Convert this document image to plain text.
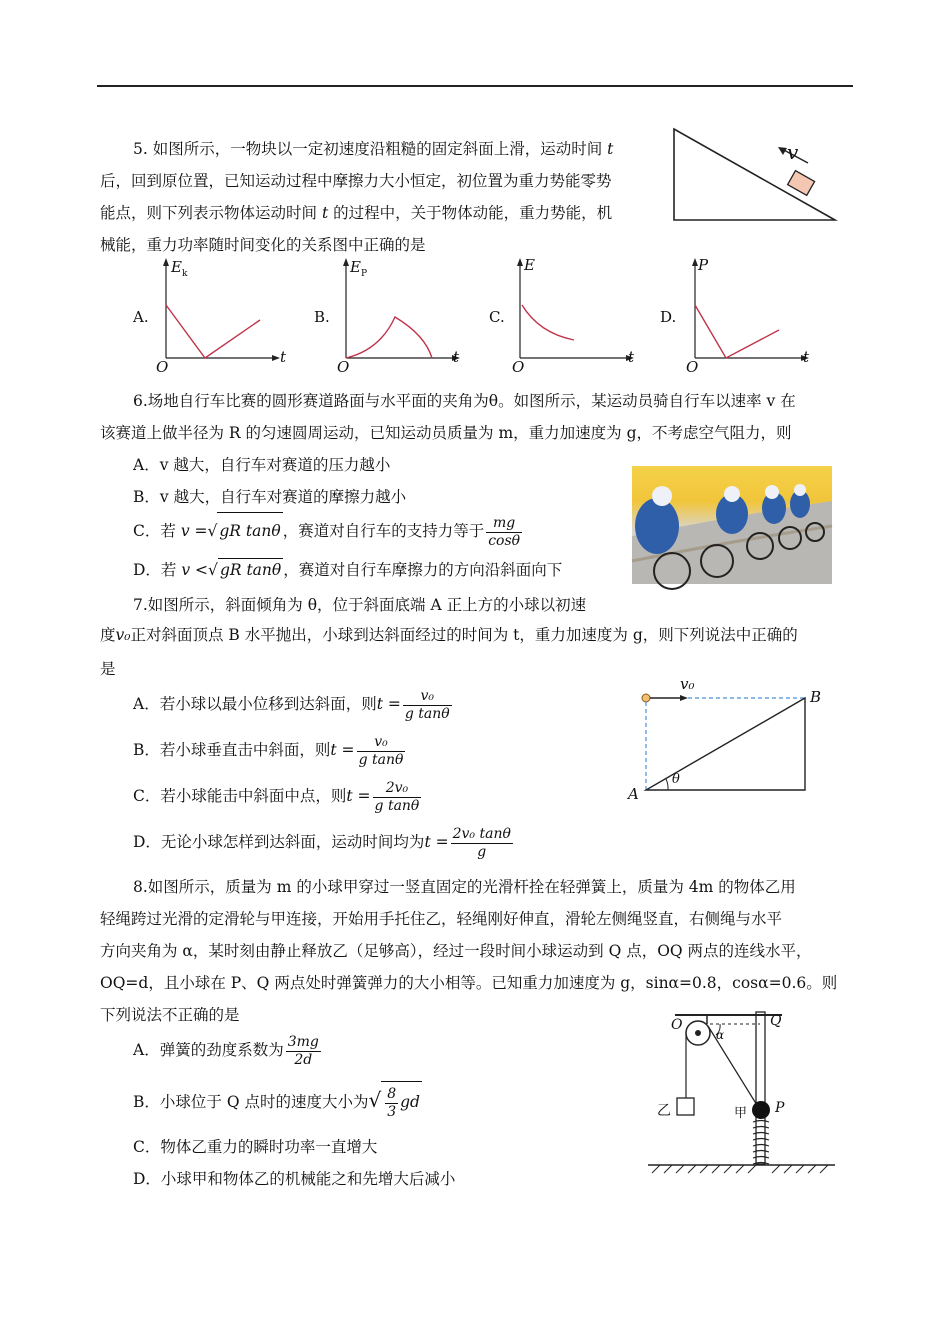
5. 如图所示，一物块以一定初速度沿粗糙的固定斜面上滑，运动时间 t
后，回到原位置，已知运动过程中摩擦力大小恒定，初位置为重力势能零势
能点，则下列表示物体运动时间 t 的过程中，关于物体动能，重力势能，机
械能，重力功率随时间变化的关系图中正确的是
v
A.
$E_k$
O
t
B.
$E_P$
O
t
C.
E
O
t
D.
P
O
t
6.场地自行车比赛的圆形赛道路面与水平面的夹角为θ。如图所示，某运动员骑自行车以速率 v 在
该赛道上做半径为 R 的匀速圆周运动，已知运动员质量为 m，重力加速度为 g，不考虑空气阻力，则
A．v 越大，自行车对赛道的压力越小
B．v 越大，自行车对赛道的摩擦力越小
C．若 v =√ gR tanθ ，赛道对自行车的支持力等于 $\frac{mg}{\cos\theta}$
D．若 v <√ gR tanθ ，赛道对自行车摩擦力的方向沿斜面向下
7.如图所示，斜面倾角为 θ，位于斜面底端 A 正上方的小球以初速
度v₀正对斜面顶点 B 水平抛出，小球到达斜面经过的时间为 t，重力加速度为 g，则下列说法中正确的
是
A．若小球以最小位移到达斜面，则$t = \frac{\text{v₀}}{\text{g tanθ}}$
B．若小球垂直击中斜面，则$t = \frac{\text{v₀}}{\text{g tanθ}}$
C．若小球能击中斜面中点，则$t = \frac{\text{2v₀}}{\text{g tanθ}}$
D．无论小球怎样到达斜面，运动时间均为$t = \frac{\text{2v₀ tanθ}}{g}$
v₀
B
A
θ
8.如图所示，质量为 m 的小球甲穿过一竖直固定的光滑杆拴在轻弹簧上，质量为 4m 的物体乙用
轻绳跨过光滑的定滑轮与甲连接，开始用手托住乙，轻绳刚好伸直，滑轮左侧绳竖直，右侧绳与水平
方向夹角为 α，某时刻由静止释放乙（足够高），经过一段时间小球运动到 Q 点，OQ 两点的连线水平，
OQ=d，且小球在 P、Q 两点处时弹簧弹力的大小相等。已知重力加速度为 g，sinα=0.8，cosα=0.6。则
下列说法不正确的是
A．弹簧的劲度系数为 $\frac{3mg}{2d}$
B．小球位于 Q 点时的速度大小为√ $\frac{8}{3}$ gd
C．物体乙重力的瞬时功率一直增大
D．小球甲和物体乙的机械能之和先增大后减小
O	Q
α
乙	甲 P
